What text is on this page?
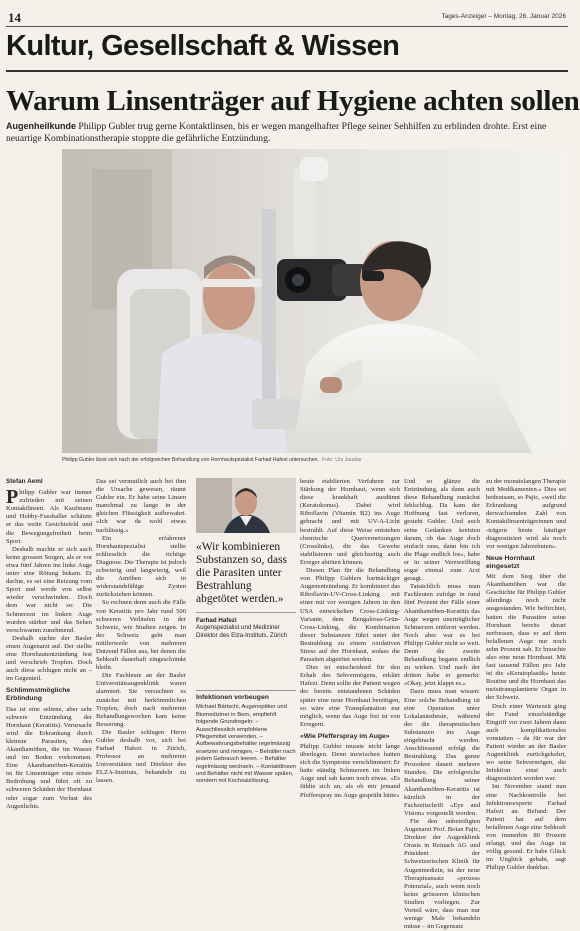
14	Tages-Anzeiger – Montag, 26. Januar 2026
Kultur, Gesellschaft & Wissen
Warum Linsenträger auf Hygiene achten sollen
Augenheilkunde Philipp Gubler trug gerne Kontaktlinsen, bis er wegen mangelhafter Pflege seiner Sehhilfen zu erblinden drohte. Erst eine neuartige Kombinationstherapie stoppte die gefährliche Entzündung.
Philipp Gubler lässt sich nach der erfolgreichen Behandlung von Hornhautspezialist Farhad Hafezi untersuchen. Foto: Urs Jaudas
Stefan Aeml

Philipp Gubler war immer zufrieden mit seinen Kontaktlinsen. Als Kaufmann und Hobby-Fussballer schätzte er das weite Gesichtsfeld und die Bewegungsfreiheit beim Sport.

Deshalb machte er sich auch keine grossen Sorgen, als er vor etwa fünf Jahren ins linke Auge unter eine Rötung bekam. Er dachte, es sei eine Reizung vom Sport und werde von selbst wieder verschwinden. Doch dem war nicht so: Die Schmerzen im linken Auge wurden stärker und das Sehen verschwamm zunehmend.

Deshalb suchte der Basler einen Augenarzt auf. Der stellte eine Hornhautentzündung fest und verschrieb Tropfen. Doch auch diese schlugen nicht an – im Gegenteil.

Schlimmstmögliche Erblindung

Das ist eine seltene, aber sehr schwere Entzündung der Hornhaut (Keratitis). Verursacht wird die Erkrankung durch kleinste Parasiten, den Akanthamöben, die im Wasser und im Boden vorkommen. Eine Akanthamöben-Keratitis ist für Linsenträger eine ernste Bedrohung und führt oft zu schweren Schäden der Hornhaut oder sogar zum Verlust des Augenlichts.

Das sei vermutlich auch bei ihm die Ursache gewesen, räumt Gubler ein. Er habe seine Linsen manchmal zu lange in der gleichen Flüssigkeit aufbewahrt. «Ich war da wohl etwas nachlässig.»

Ein erfahrener Hornhautspezialist stellte schliesslich die richtige Diagnose. Die Therapie ist jedoch schwierig und langwierig, weil die Amöben sich in widerstandsfähige Zysten zurückziehen können.

So rechnen denn auch die Fälle von Keratitis pro Jahr rund 500 schweren Verläufen in der Schweiz, wie Studien zeigen. In der Schweiz geht man mittlerweile von mehreren Dutzend Fällen aus, bei denen die Sehkraft dauerhaft eingeschränkt bleibt.

Die Fachleute an der Basler Universitätsaugenklinik waren alarmiert. Sie versuchten es zunächst mit herkömmlichen Tropfen, doch nach mehreren Behandlungswochen kam keine Besserung.

Die Basler schlugen Herrn Gubler deshalb vor, sich bei Farhad Hafezi in Zürich, Professor an mehreren Universitäten und Direktor des ELZA-Instituts, behandeln zu lassen.

«Wir kombinieren Substanzen so, dass die Parasiten unter Bestrahlung abgetötet werden.»
Farhad Hafezi
Augenspezialist und Mediziner Direktor des Elza-Instituts, Zürich
Infektionen vorbeugen

Michael Bärtschi, Augenoptiker und Biomediziner in Bern, empfiehlt folgende Grundregeln: – Ausschliesslich empfohlene Pflegemittel verwenden. – Aufbewahrungsbehälter regelmässig ersetzen und reinigen. – Behälter nach jedem Gebrauch leeren. – Behälter regelmässig wechseln. – Kontaktlinsen und Behälter nicht mit Wasser spülen, sondern mit Kochsalzlösung.

heute etablierten Verfahren zur Stärkung der Hornhaut, wenn sich diese krankhaft ausdünnt (Keratokonus). Dabei wird Riboflavin (Vitamin B2) ins Auge gebracht und mit UV-A-Licht bestrahlt. Auf diese Weise entstehen chemische Quervernetzungen (Crosslinks), die das Gewebe stabilisieren und gleichzeitig auch Erreger abtöten können.

Diesen Plan für die Behandlung von Philipp Gublers hartnäckiger Augenentzündung. Er kombiniert das Riboflavin-UV-Cross-Linking mit einer mit vor wenigen Jahren in den USA entwickelten Cross-Linking-Variante, dem Bengalrosa-Grün-Cross-Linking, die Kombination dieser Substanzen führt unter der Bestrahlung zu einem oxidativen Stress auf der Hornhaut, sodass die Parasiten abgetötet werden.

Dies ist entscheidend für den Erhalt des Sehvermögens, erklärt Hafezi. Denn sollte der Patient wegen der bereits entstandenen Schäden später eine neue Hornhaut benötigen, so wäre eine Transplantation nur möglich, wenn das Auge frei ist von Erregern.

«Wie Pfefferspray im Auge»

Philipp Gubler musste nicht lange überlegen. Denn inzwischen hatten sich die Symptome verschlimmert: Er hatte ständig Schmerzen im linken Auge und sah kaum noch etwas. «Es fühlte sich an, als ob mir jemand Pfefferspray ins Auge gesprüht hätte»

Und so glänze die Entzündung, als dann auch diese Behandlung zunächst fehlschlug. Da kam der Hoffnung fast verloren, gesteht Gubler. Und auch seine Gedanken kreisten darum, ob das Auge doch einfach raus, dann bin ich die Plage endlich los», habe er in seiner Verzweiflung sogar einmal zum Arzt gesagt.

Tatsächlich muss man Fachleuten zufolge in rund fünf Prozent der Fälle einer Akanthamöben-Keratitis das Auge wegen unerträglicher Schmerzen entfernt werden. Noch aber war es bei Philipp Gubler nicht so weit. Denn die zweite Behandlung begann endlich zu wirken. Und nach der dritten habe er gemerkt: «Okay, jetzt klappt es.»

Dazu muss man wissen: Eine solche Behandlung ist eine Operation unter Lokalanästhesie, während der die therapeutischen Substanzen ins Auge eingebracht werden. Anschliessend erfolgt die Bestrahlung. Das ganze Prozedere dauert mehrere Stunden. Die erfolgreiche Behandlung seiner Akanthamöben-Keratitis ist kürzlich in der Fachzeitschrift «Eye and Vision» vorgestellt worden.

Für den unbeteiligten Augenarzt Prof. Boian Pajic, Direktor der Augenklinik Orasis in Reinach AG und Präsident der Schweizerischen Klinik für Augenmedizin, ist der neue Therapieansatz «prozess Potenzial», auch wenn noch keine grösseren klinischen Studien vorliegen. Zur Vorteil wäre, dass man nur wenige Male behandeln müsse – im Gegensatz

zu der monatelangen Therapie mit Medikamenten.» Dies sei bedeutsam, so Pajic, «weil die Erkrankung aufgrund derwachsenden Zahl von Kontaktlinsenträgerinnen und -trägern heute häufiger diagnostiziert wird als noch vor wenigen Jahrzehnten».

Neue Hornhaut eingesetzt

Mit dem Sieg über die Akanthamöben war die Geschichte für Philipp Gubler allerdings noch nicht ausgestanden. Wie befürchtet, hatten die Parasiten seine Hornhaut bereits derart zerfressen, dass er auf dem befallenen Auge nur noch zehn Prozent sah. Er brauchte also eine neue Hornhaut. Mit fast tausend Fällen pro Jahr ist die «Keratoplastik» heute Routine und die Hornhaut das meisttransplantierte Organ in der Schweiz.

Doch einer Wartezeit ging der Fund einzelständige Eingriff vor zwei Jahren dann auch komplikationslos vonstatten – da für war der Patient wieder an der Basler Augenklinik zurückgekehrt, wo seine Sehvermögen, die Infektion einst auch diagnostiziert worden war.

Im November stand nun eine Nachkontrolle bei Infektionsexperte Farhad Hafezi an. Befund: Der Patient hat auf dem befallenen Auge eine Sehkraft von immerhin 80 Prozent erlangt, und das Auge ist völlig gesund. Er habe Glück im Unglück gehabt, sagt Philipp Gubler dankbar.
